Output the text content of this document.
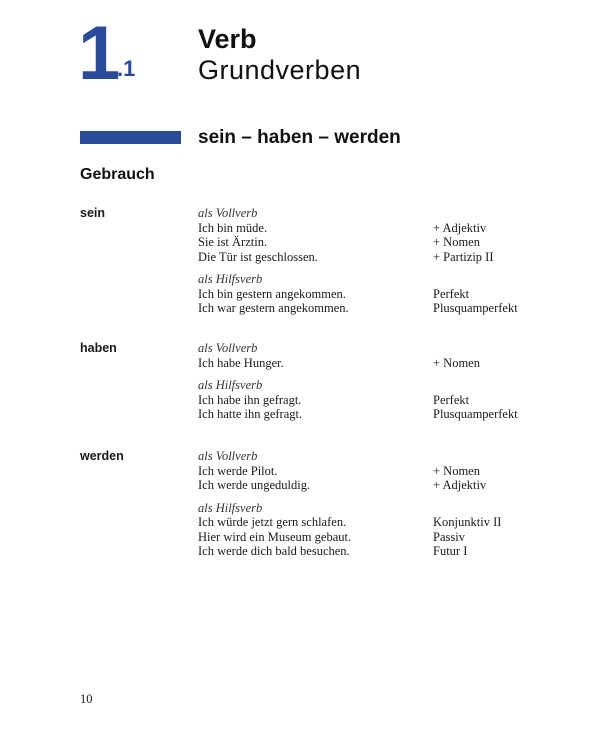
1
.1
Verb
Grundverben
sein – haben – werden
Gebrauch
sein	als Vollverb
Ich bin müde.	+ Adjektiv
Sie ist Ärztin.	+ Nomen
Die Tür ist geschlossen.	+ Partizip II
als Hilfsverb
Ich bin gestern angekommen.	Perfekt
Ich war gestern angekommen.	Plusquamperfekt
haben	als Vollverb
Ich habe Hunger.	+ Nomen
als Hilfsverb
Ich habe ihn gefragt.	Perfekt
Ich hatte ihn gefragt.	Plusquamperfekt
werden	als Vollverb
Ich werde Pilot.	+ Nomen
Ich werde ungeduldig.	+ Adjektiv
als Hilfsverb
Ich würde jetzt gern schlafen.	Konjunktiv II
Hier wird ein Museum gebaut.	Passiv
Ich werde dich bald besuchen.	Futur I
10
